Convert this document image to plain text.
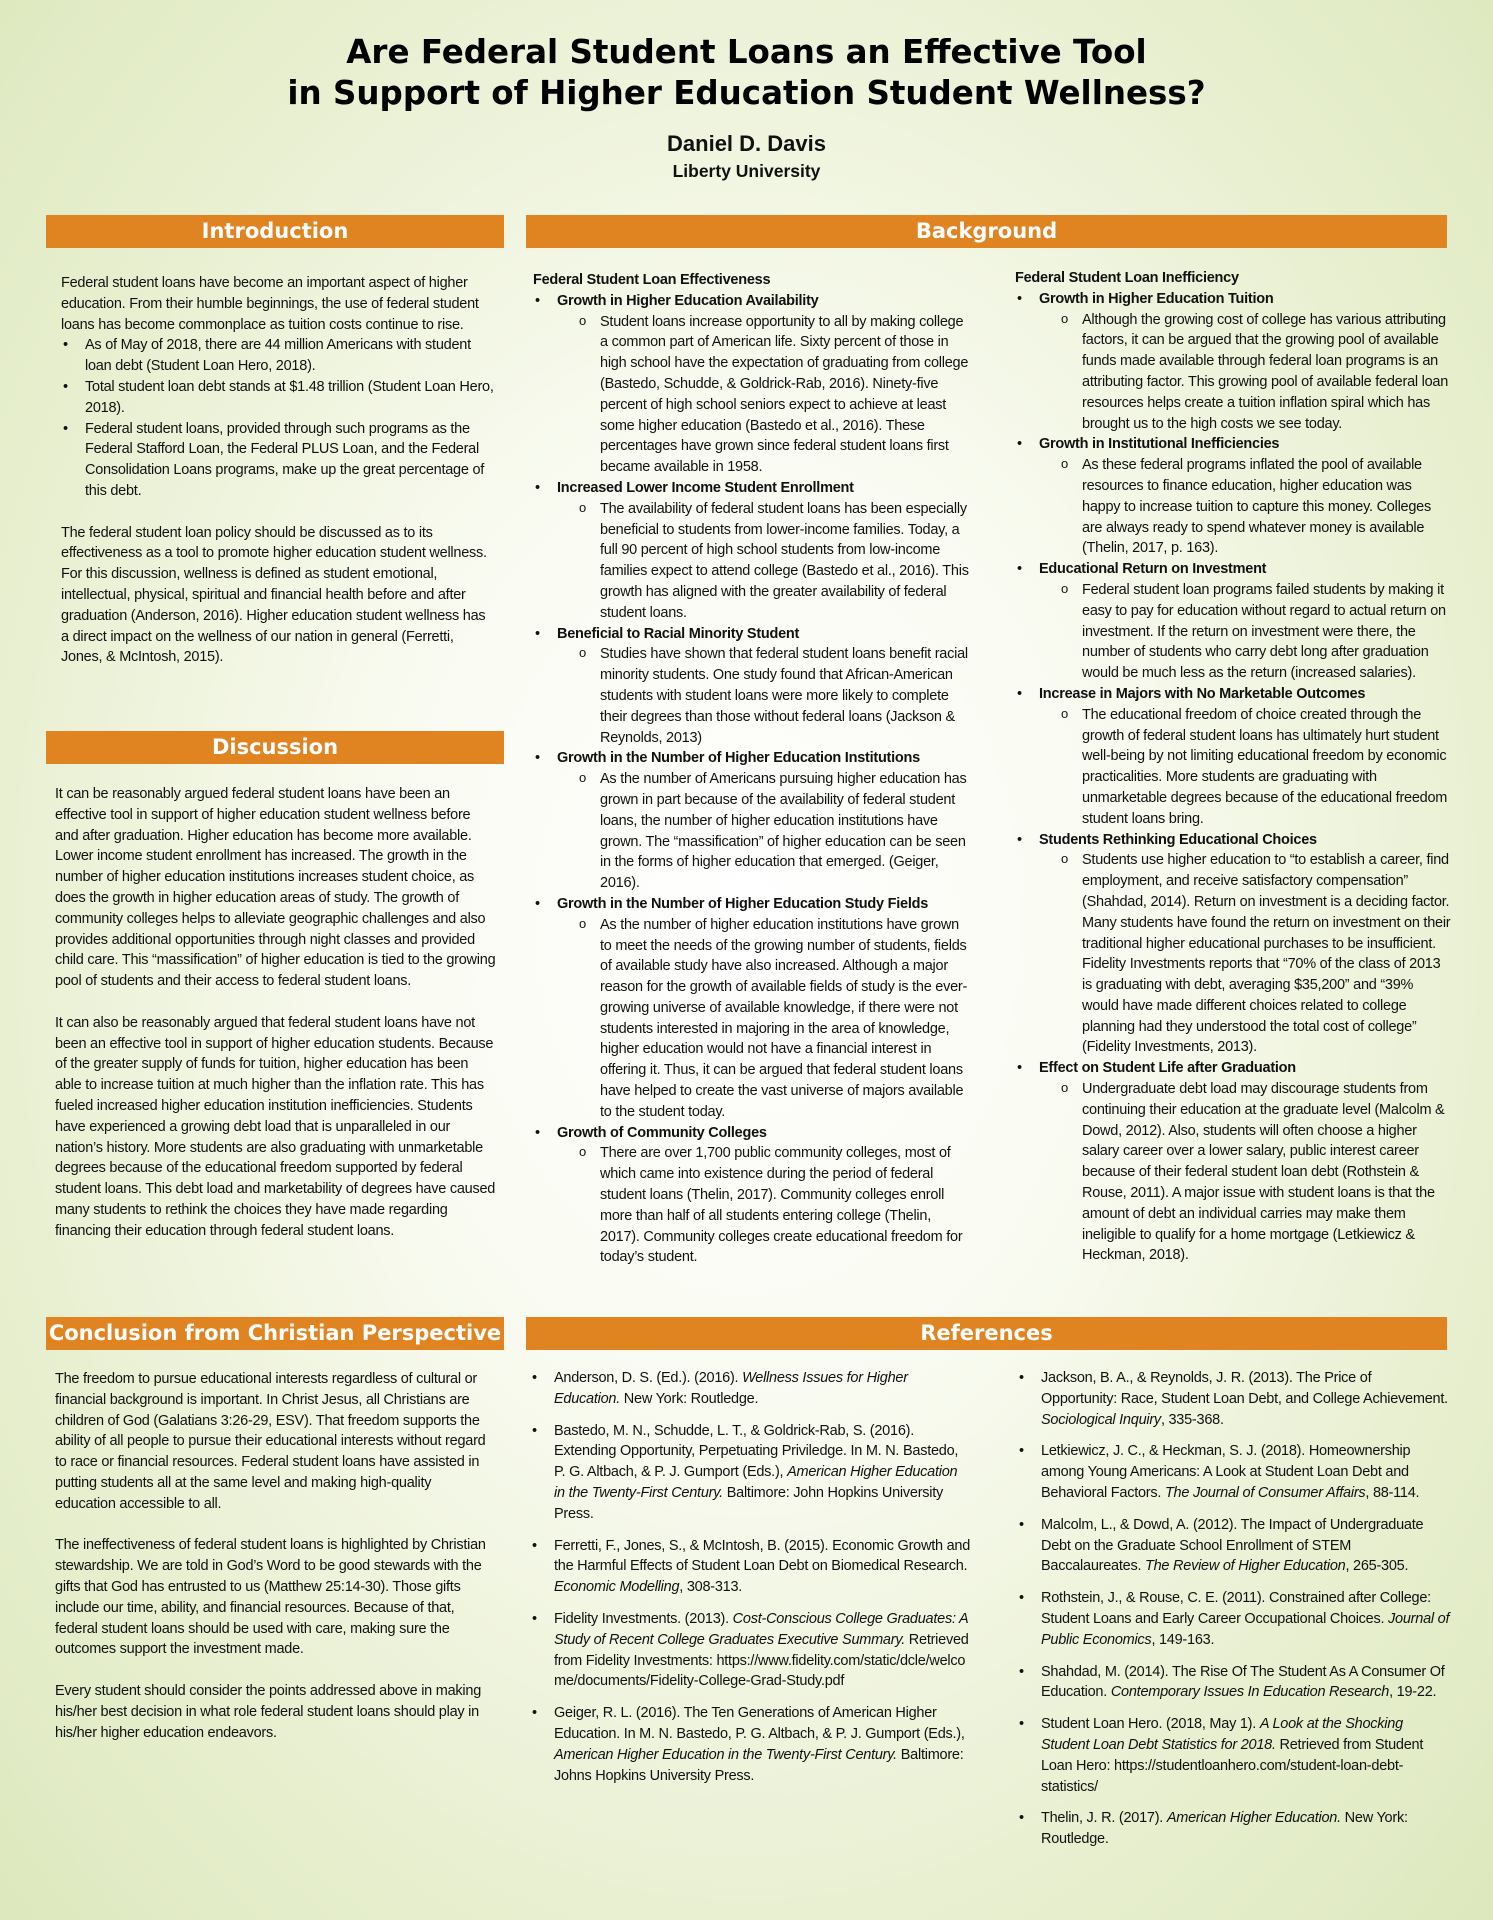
Are Federal Student Loans an Effective Tool
in Support of Higher Education Student Wellness?
Daniel D. Davis
Liberty University
Introduction	Background
Discussion
Conclusion from Christian Perspective	References

Federal student loans have become an important aspect of higher education. From their humble beginnings, the use of federal student loans has become commonplace as tuition costs continue to rise.

• As of May of 2018, there are 44 million Americans with student loan debt (Student Loan Hero, 2018).
• Total student loan debt stands at $1.48 trillion (Student Loan Hero, 2018).
• Federal student loans, provided through such programs as the Federal Stafford Loan, the Federal PLUS Loan, and the Federal Consolidation Loans programs, make up the great percentage of this debt.

The federal student loan policy should be discussed as to its effectiveness as a tool to promote higher education student wellness. For this discussion, wellness is defined as student emotional, intellectual, physical, spiritual and financial health before and after graduation (Anderson, 2016). Higher education student wellness has a direct impact on the wellness of our nation in general (Ferretti, Jones, & McIntosh, 2015).

It can be reasonably argued federal student loans have been an effective tool in support of higher education student wellness before and after graduation. Higher education has become more available. Lower income student enrollment has increased. The growth in the number of higher education institutions increases student choice, as does the growth in higher education areas of study. The growth of community colleges helps to alleviate geographic challenges and also provides additional opportunities through night classes and provided child care. This “massification” of higher education is tied to the growing pool of students and their access to federal student loans.

It can also be reasonably argued that federal student loans have not been an effective tool in support of higher education students. Because of the greater supply of funds for tuition, higher education has been able to increase tuition at much higher than the inflation rate. This has fueled increased higher education institution inefficiencies. Students have experienced a growing debt load that is unparalleled in our nation’s history. More students are also graduating with unmarketable degrees because of the educational freedom supported by federal student loans. This debt load and marketability of degrees have caused many students to rethink the choices they have made regarding financing their education through federal student loans.

The freedom to pursue educational interests regardless of cultural or financial background is important. In Christ Jesus, all Christians are children of God (Galatians 3:26-29, ESV). That freedom supports the ability of all people to pursue their educational interests without regard to race or financial resources. Federal student loans have assisted in putting students all at the same level and making high-quality education accessible to all.

The ineffectiveness of federal student loans is highlighted by Christian stewardship. We are told in God’s Word to be good stewards with the gifts that God has entrusted to us (Matthew 25:14-30). Those gifts include our time, ability, and financial resources. Because of that, federal student loans should be used with care, making sure the outcomes support the investment made.

Every student should consider the points addressed above in making his/her best decision in what role federal student loans should play in his/her higher education endeavors.

Federal Student Loan Effectiveness

• Growth in Higher Education Availability
o Student loans increase opportunity to all by making college a common part of American life. Sixty percent of those in high school have the expectation of graduating from college (Bastedo, Schudde, & Goldrick-Rab, 2016). Ninety-five percent of high school seniors expect to achieve at least some higher education (Bastedo et al., 2016). These percentages have grown since federal student loans first became available in 1958.
• Increased Lower Income Student Enrollment
o The availability of federal student loans has been especially beneficial to students from lower-income families. Today, a full 90 percent of high school students from low-income families expect to attend college (Bastedo et al., 2016). This growth has aligned with the greater availability of federal student loans.
• Beneficial to Racial Minority Student
o Studies have shown that federal student loans benefit racial minority students. One study found that African-American students with student loans were more likely to complete their degrees than those without federal loans (Jackson & Reynolds, 2013)
• Growth in the Number of Higher Education Institutions
o As the number of Americans pursuing higher education has grown in part because of the availability of federal student loans, the number of higher education institutions have grown. The “massification” of higher education can be seen in the forms of higher education that emerged. (Geiger, 2016).
• Growth in the Number of Higher Education Study Fields
o As the number of higher education institutions have grown to meet the needs of the growing number of students, fields of available study have also increased. Although a major reason for the growth of available fields of study is the ever-growing universe of available knowledge, if there were not students interested in majoring in the area of knowledge, higher education would not have a financial interest in offering it. Thus, it can be argued that federal student loans have helped to create the vast universe of majors available to the student today.
• Growth of Community Colleges
o There are over 1,700 public community colleges, most of which came into existence during the period of federal student loans (Thelin, 2017). Community colleges enroll more than half of all students entering college (Thelin, 2017). Community colleges create educational freedom for today’s student.

Federal Student Loan Inefficiency

• Growth in Higher Education Tuition
o Although the growing cost of college has various attributing factors, it can be argued that the growing pool of available funds made available through federal loan programs is an attributing factor. This growing pool of available federal loan resources helps create a tuition inflation spiral which has brought us to the high costs we see today.
• Growth in Institutional Inefficiencies
o As these federal programs inflated the pool of available resources to finance education, higher education was happy to increase tuition to capture this money. Colleges are always ready to spend whatever money is available (Thelin, 2017, p. 163).
• Educational Return on Investment
o Federal student loan programs failed students by making it easy to pay for education without regard to actual return on investment. If the return on investment were there, the number of students who carry debt long after graduation would be much less as the return (increased salaries).
• Increase in Majors with No Marketable Outcomes
o The educational freedom of choice created through the growth of federal student loans has ultimately hurt student well-being by not limiting educational freedom by economic practicalities. More students are graduating with unmarketable degrees because of the educational freedom student loans bring.
• Students Rethinking Educational Choices
o Students use higher education to “to establish a career, find employment, and receive satisfactory compensation” (Shahdad, 2014). Return on investment is a deciding factor. Many students have found the return on investment on their traditional higher educational purchases to be insufficient. Fidelity Investments reports that “70% of the class of 2013 is graduating with debt, averaging $35,200” and “39% would have made different choices related to college planning had they understood the total cost of college” (Fidelity Investments, 2013).
• Effect on Student Life after Graduation
o Undergraduate debt load may discourage students from continuing their education at the graduate level (Malcolm & Dowd, 2012). Also, students will often choose a higher salary career over a lower salary, public interest career because of their federal student loan debt (Rothstein & Rouse, 2011). A major issue with student loans is that the amount of debt an individual carries may make them ineligible to qualify for a home mortgage (Letkiewicz & Heckman, 2018).
• Anderson, D. S. (Ed.). (2016). Wellness Issues for Higher Education. New York: Routledge.
• Bastedo, M. N., Schudde, L. T., & Goldrick-Rab, S. (2016). Extending Opportunity, Perpetuating Priviledge. In M. N. Bastedo, P. G. Altbach, & P. J. Gumport (Eds.), American Higher Education in the Twenty-First Century. Baltimore: John Hopkins University Press.
• Ferretti, F., Jones, S., & McIntosh, B. (2015). Economic Growth and the Harmful Effects of Student Loan Debt on Biomedical Research. Economic Modelling, 308-313.
• Fidelity Investments. (2013). Cost-Conscious College Graduates: A Study of Recent College Graduates Executive Summary. Retrieved from Fidelity Investments: https://www.fidelity.com/static/dcle/welcome/documents/Fidelity-College-Grad-Study.pdf
• Geiger, R. L. (2016). The Ten Generations of American Higher Education. In M. N. Bastedo, P. G. Altbach, & P. J. Gumport (Eds.), American Higher Education in the Twenty-First Century. Baltimore: Johns Hopkins University Press.
• Jackson, B. A., & Reynolds, J. R. (2013). The Price of Opportunity: Race, Student Loan Debt, and College Achievement. Sociological Inquiry, 335-368.
• Letkiewicz, J. C., & Heckman, S. J. (2018). Homeownership among Young Americans: A Look at Student Loan Debt and Behavioral Factors. The Journal of Consumer Affairs, 88-114.
• Malcolm, L., & Dowd, A. (2012). The Impact of Undergraduate Debt on the Graduate School Enrollment of STEM Baccalaureates. The Review of Higher Education, 265-305.
• Rothstein, J., & Rouse, C. E. (2011). Constrained after College: Student Loans and Early Career Occupational Choices. Journal of Public Economics, 149-163.
• Shahdad, M. (2014). The Rise Of The Student As A Consumer Of Education. Contemporary Issues In Education Research, 19-22.
• Student Loan Hero. (2018, May 1). A Look at the Shocking Student Loan Debt Statistics for 2018. Retrieved from Student Loan Hero: https://studentloanhero.com/student-loan-debt-statistics/
• Thelin, J. R. (2017). American Higher Education. New York: Routledge.
